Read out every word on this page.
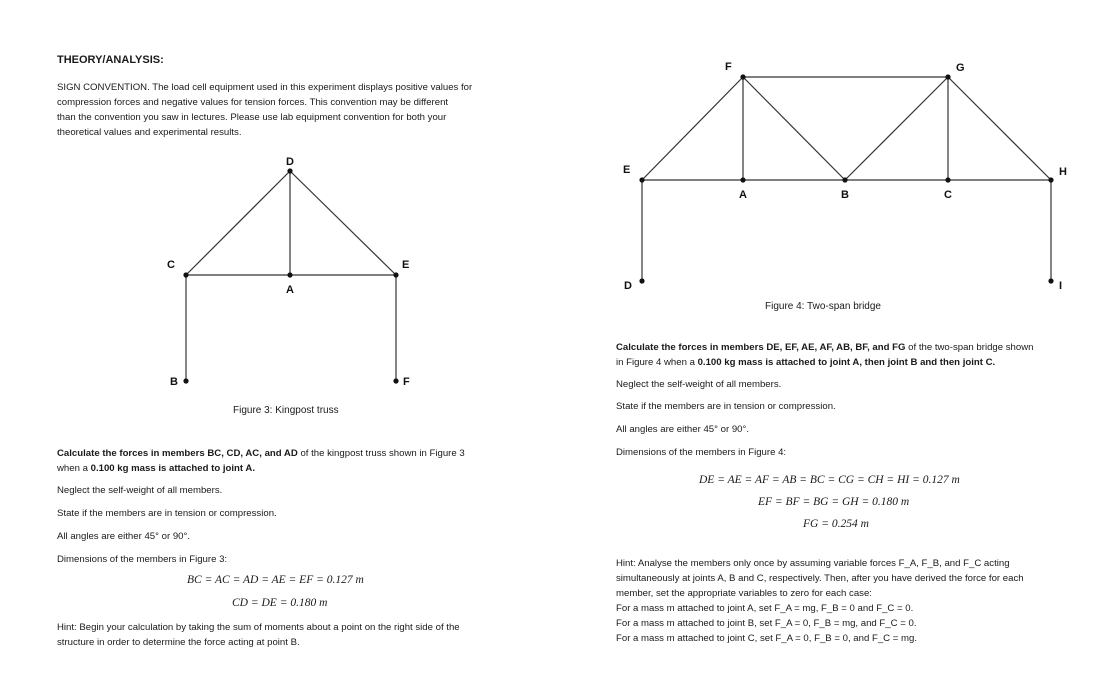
THEORY/ANALYSIS:
SIGN CONVENTION. The load cell equipment used in this experiment displays positive values for
compression forces and negative values for tension forces. This convention may be different
than the convention you saw in lectures. Please use lab equipment convention for both your
theoretical values and experimental results.
D
A
C	E
B	F
Figure 3: Kingpost truss
Calculate the forces in members BC, CD, AC, and AD of the kingpost truss shown in Figure 3
when a 0.100 kg mass is attached to joint A.
Neglect the self-weight of all members.
State if the members are in tension or compression.
All angles are either 45° or 90°.
Dimensions of the members in Figure 3:
BC = AC = AD = AE = EF = 0.127 m
CD = DE = 0.180 m
Hint: Begin your calculation by taking the sum of moments about a point on the right side of the
structure in order to determine the force acting at point B.
F	G
E
A	B	C
H
D	I
Figure 4: Two-span bridge
Calculate the forces in members DE, EF, AE, AF, AB, BF, and FG of the two-span bridge shown
in Figure 4 when a 0.100 kg mass is attached to joint A, then joint B and then joint C.
Neglect the self-weight of all members.
State if the members are in tension or compression.
All angles are either 45° or 90°.
Dimensions of the members in Figure 4:
DE = AE = AF = AB = BC = CG = CH = HI = 0.127 m
EF = BF = BG = GH = 0.180 m
FG = 0.254 m
Hint: Analyse the members only once by assuming variable forces F_A, F_B, and F_C acting
simultaneously at joints A, B and C, respectively. Then, after you have derived the force for each
member, set the appropriate variables to zero for each case:
For a mass m attached to joint A, set F_A = mg, F_B = 0 and F_C = 0.
For a mass m attached to joint B, set F_A = 0, F_B = mg, and F_C = 0.
For a mass m attached to joint C, set F_A = 0, F_B = 0, and F_C = mg.
